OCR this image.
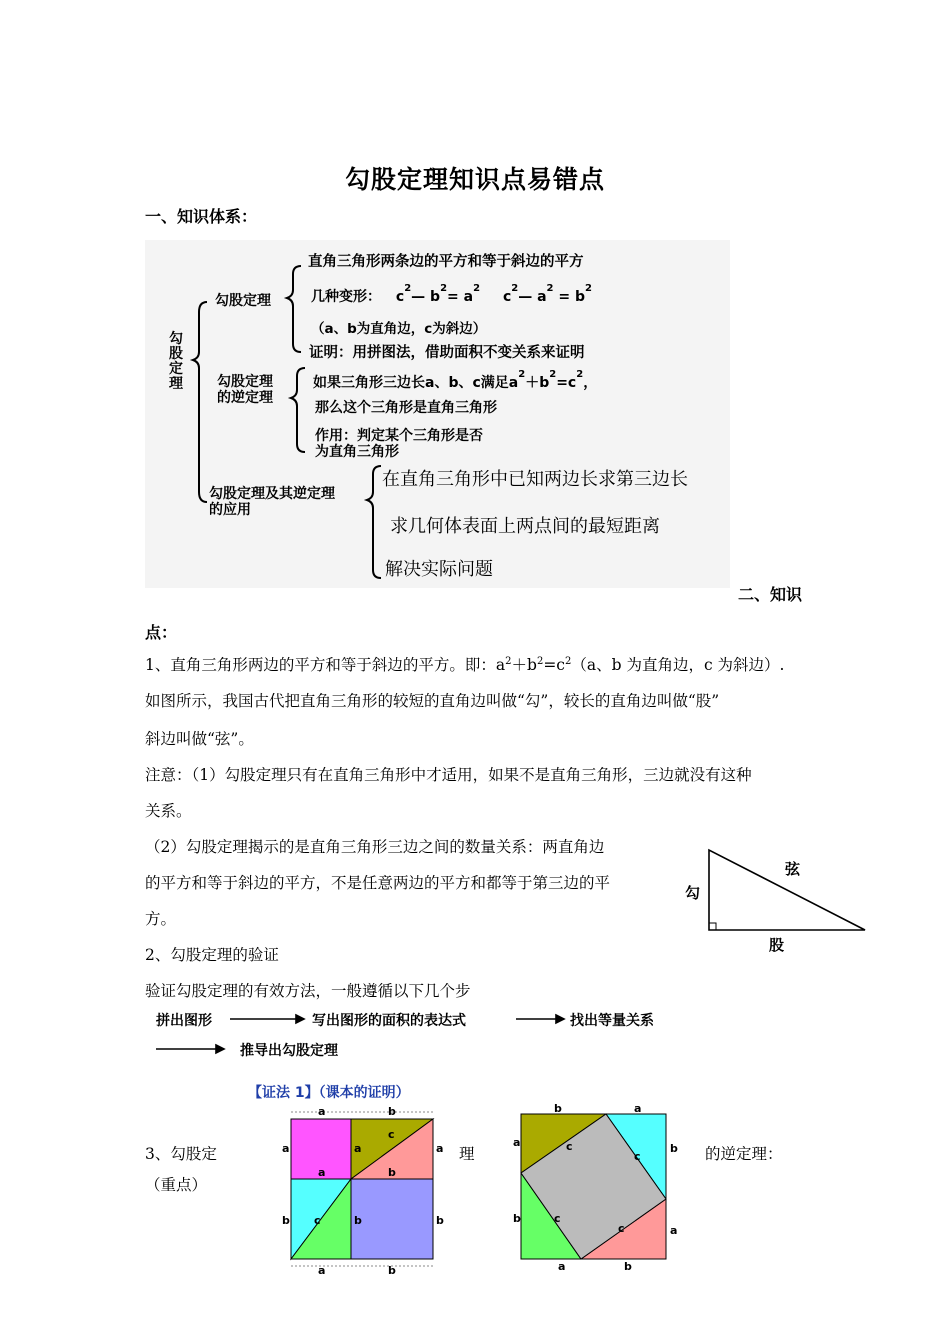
勾股定理知识点易错点
一、知识体系：
勾股定理
勾股定理
直角三角形两条边的平方和等于斜边的平方
几种变形： $c^2—$ $b^2= a^2$ $c^2—$ $a^2 = b^2$
（a、b为直角边，c为斜边）
证明：用拼图法，借助面积不变关系来证明
勾股定理
的逆定理
如果三角形三边长a、b、c满足$a^2+b^2=c^2$，
那么这个三角形是直角三角形
作用：判定某个三角形是否
为直角三角形
勾股定理及其逆定理
的应用
在直角三角形中已知两边长求第三边长
求几何体表面上两点间的最短距离
解决实际问题
二、知识
点：
1、直角三角形两边的平方和等于斜边的平方。即：$a^2+b^2=c^2(a$、b 为直角边，c 为斜边）.
如图所示，我国古代把直角三角形的较短的直角边叫做“勾”，较长的直角边叫做“股”
斜边叫做“弦”。
注意：（1）勾股定理只有在直角三角形中才适用，如果不是直角三角形，三边就没有这种
关系。
（2）勾股定理揭示的是直角三角形三边之间的数量关系：两直角边
的平方和等于斜边的平方，不是任意两边的平方和都等于第三边的平
方。
勾
弦
股
2、勾股定理的验证
验证勾股定理的有效方法，一般遵循以下几个步
拼出图形	写出图形的面积的表达式	找出等量关系
推导出勾股定理
【证法 1】（课本的证明）
a	b
a	a	a
a	b
c
c
b	b	b
a	b
b	a
a	b
b
a
a	b
c
c
c
c
3、勾股定	理	的逆定理：
（重点）
